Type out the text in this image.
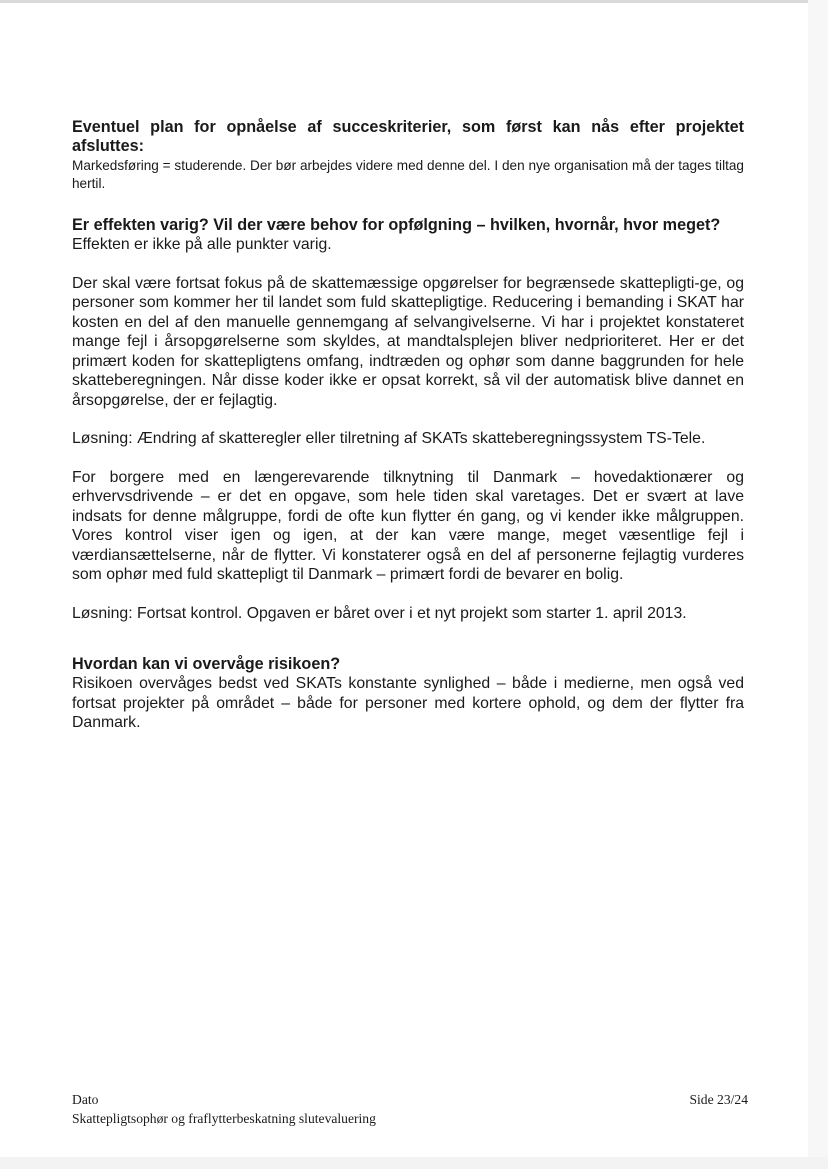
Eventuel plan for opnåelse af succeskriterier, som først kan nås efter projektet afsluttes:

Markedsføring = studerende. Der bør arbejdes videre med denne del. I den nye organisation må der tages tiltag hertil.

Er effekten varig? Vil der være behov for opfølgning – hvilken, hvornår, hvor meget?

Effekten er ikke på alle punkter varig.

Der skal være fortsat fokus på de skattemæssige opgørelser for begrænsede skattepligti-ge, og personer som kommer her til landet som fuld skattepligtige. Reducering i bemanding i SKAT har kosten en del af den manuelle gennemgang af selvangivelserne. Vi har i projektet konstateret mange fejl i årsopgørelserne som skyldes, at mandtalsplejen bliver nedprioriteret. Her er det primært koden for skattepligtens omfang, indtræden og ophør som danne baggrunden for hele skatteberegningen. Når disse koder ikke er opsat korrekt, så vil der automatisk blive dannet en årsopgørelse, der er fejlagtig.

Løsning: Ændring af skatteregler eller tilretning af SKATs skatteberegningssystem TS-Tele.

For borgere med en længerevarende tilknytning til Danmark – hovedaktionærer og erhvervsdrivende – er det en opgave, som hele tiden skal varetages. Det er svært at lave indsats for denne målgruppe, fordi de ofte kun flytter én gang, og vi kender ikke målgruppen. Vores kontrol viser igen og igen, at der kan være mange, meget væsentlige fejl i værdiansættelserne, når de flytter. Vi konstaterer også en del af personerne fejlagtig vurderes som ophør med fuld skattepligt til Danmark – primært fordi de bevarer en bolig.

Løsning: Fortsat kontrol. Opgaven er båret over i et nyt projekt som starter 1. april 2013.

Hvordan kan vi overvåge risikoen?

Risikoen overvåges bedst ved SKATs konstante synlighed – både i medierne, men også ved fortsat projekter på området – både for personer med kortere ophold, og dem der flytter fra Danmark.

Dato
Skattepligtsophør og fraflytterbeskatning slutevaluering
Side 23/24
